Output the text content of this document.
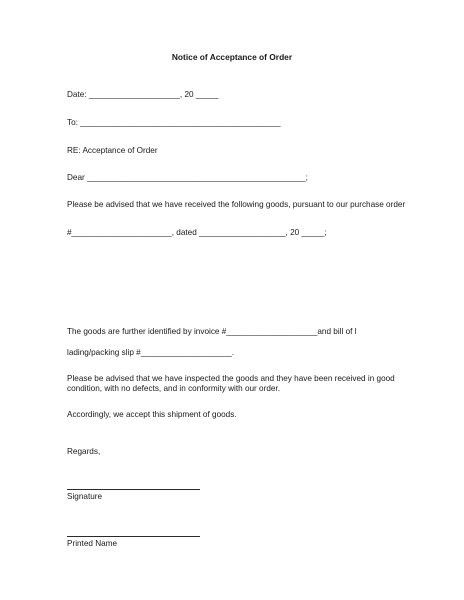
Notice of Acceptance of Order
Date: ____________________, 20 _____
To: ____________________________________________
RE: Acceptance of Order
Dear ________________________________________________;
Please be advised that we have received the following goods, pursuant to our purchase order
#______________________, dated ___________________, 20 _____;
The goods are further identified by invoice #____________________and bill of l
lading/packing slip #____________________.
Please be advised that we have inspected the goods and they have been received in good condition, with no defects, and in conformity with our order.
Accordingly, we accept this shipment of goods.
Regards,
Signature
Printed Name
